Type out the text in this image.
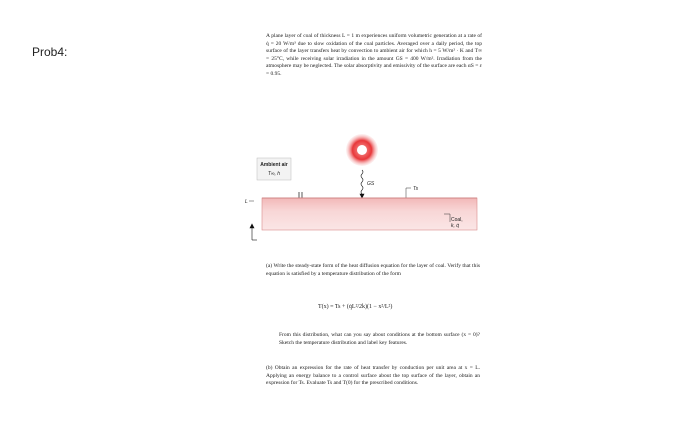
Prob4:

A plane layer of coal of thickness L = 1 m experiences uniform volumetric generation at a rate of q̇ = 20 W/m³ due to slow oxidation of the coal particles. Averaged over a daily period, the top surface of the layer transfers heat by convection to ambient air for which h = 5 W/m² · K and T∞ = 25°C, while receiving solar irradiation in the amount GS = 400 W/m². Irradiation from the atmosphere may be neglected. The solar absorptivity and emissivity of the surface are each αS = ε = 0.95.

Ambient air
T∞, h
GS
Ts
L
Coal,
k, q̇

(a) Write the steady-state form of the heat diffusion equation for the layer of coal. Verify that this equation is satisfied by a temperature distribution of the form

T(x) = Ts + (q̇L²/2k)(1 − x²/L²)

From this distribution, what can you say about conditions at the bottom surface (x = 0)? Sketch the temperature distribution and label key features.

(b) Obtain an expression for the rate of heat transfer by conduction per unit area at x = L. Applying an energy balance to a control surface about the top surface of the layer, obtain an expression for Ts. Evaluate Ts and T(0) for the prescribed conditions.
